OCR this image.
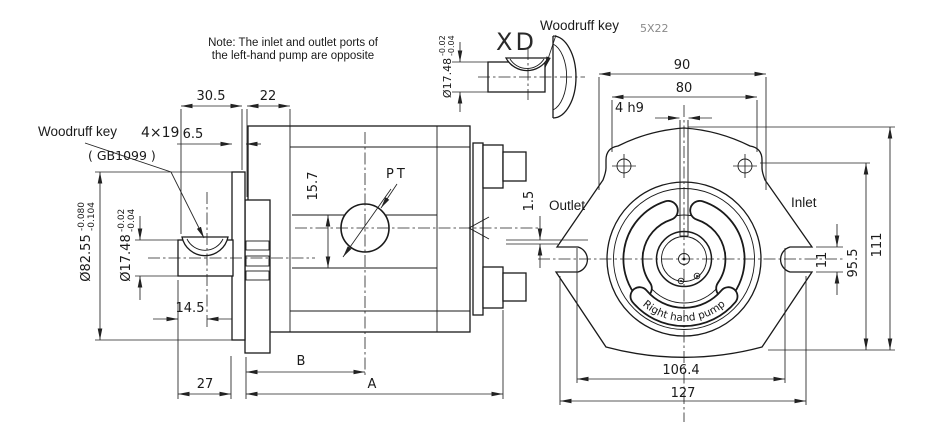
30.5	22
6.5
15.7	PT
14.5
27
B
A
Ø82.55
-0.080 -0.104
Ø17.48
-0.02 -0.04
Woodruff key 4×19
( GB1099 )
Ø17.48
-0.02 -0.04 XD
Woodruff key 5X22
Note: The inlet and outlet ports of
the left-hand pump are opposite
Right hand pump
90
80
4 h9
1.5
11 95.5
111
106.4
127
Outlet	Inlet
